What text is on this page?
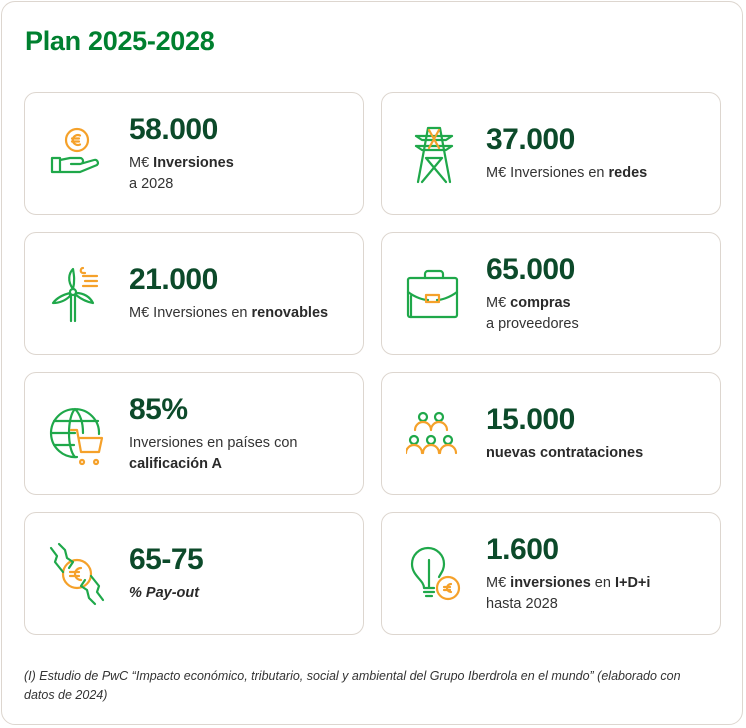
Plan 2025-2028
58.000
M€ Inversiones
a 2028
37.000
M€ Inversiones en redes
21.000
M€ Inversiones en renovables
65.000
M€ compras
a proveedores
85%
Inversiones en países con
calificación A
15.000
nuevas contrataciones
65-75
% Pay-out
1.600
M€ inversiones en I+D+i
hasta 2028
(I) Estudio de PwC “Impacto económico, tributario, social y ambiental del Grupo Iberdrola en el mundo” (elaborado con datos de 2024)
